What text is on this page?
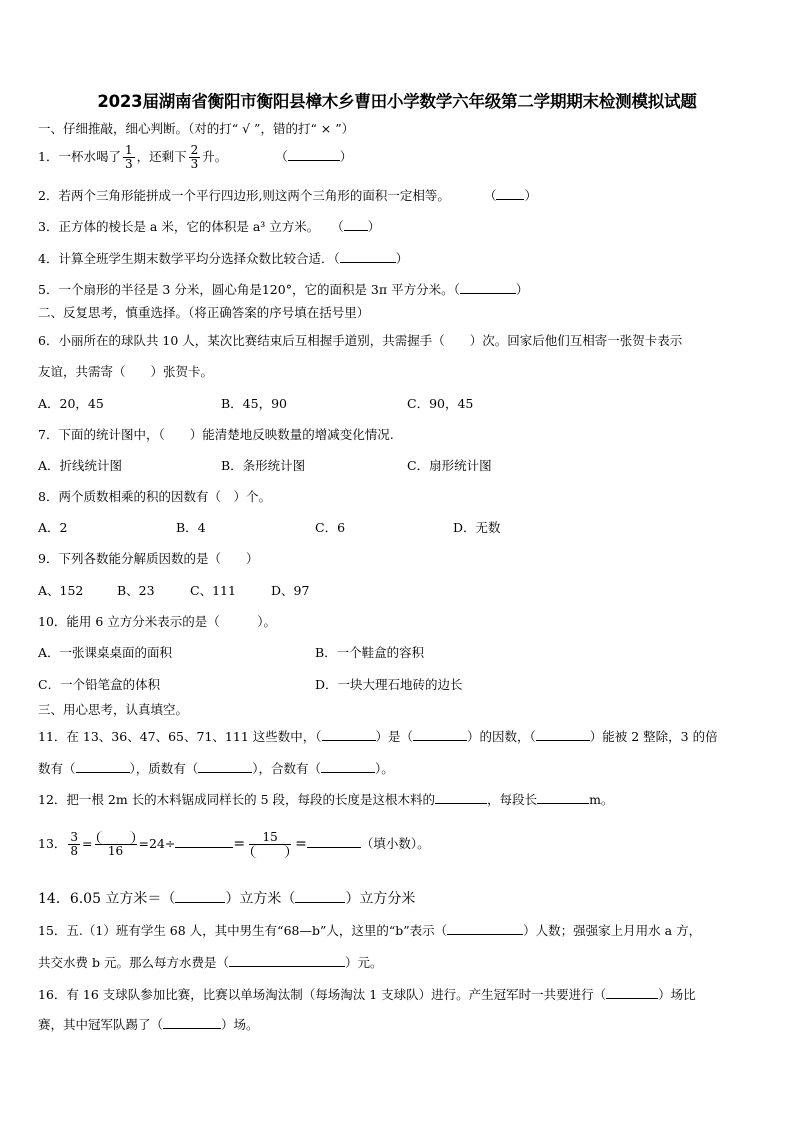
2023届湖南省衡阳市衡阳县樟木乡曹田小学数学六年级第二学期期末检测模拟试题
一、仔细推敲，细心判断。（对的打“ √ ”，错的打“ × ”）
1．一杯水喝了 $\frac{1}{3}$ ，还剩下 $\frac{2}{3}$ 升。	（	）
2．若两个三角形能拼成一个平行四边形,则这两个三角形的面积一定相等。	（ ）
3．正方体的棱长是 a 米，它的体积是 a³ 立方米。 （ ）
4．计算全班学生期末数学平均分选择众数比较合适．（	）
5．一个扇形的半径是 3 分米，圆心角是120°，它的面积是 3π 平方分米。（	）
二、反复思考，慎重选择。（将正确答案的序号填在括号里）
6．小丽所在的球队共 10 人，某次比赛结束后互相握手道别，共需握手（　　）次。回家后他们互相寄一张贺卡表示
友谊，共需寄（　　）张贺卡。
A．20，45	B．45，90	C．90，45
7．下面的统计图中，（　　）能清楚地反映数量的增减变化情况.
A．折线统计图	B．条形统计图	C．扇形统计图
8．两个质数相乘的积的因数有（　）个。
A．2	B．4	C．6	D．无数
9．下列各数能分解质因数的是（　　）
A、152	B、23	C、111	D、97
10．能用 6 立方分米表示的是（　　　）。
A．一张课桌桌面的面积	B．一个鞋盒的容积
C．一个铅笔盒的体积	D．一块大理石地砖的边长
三、用心思考，认真填空。
11．在 13、36、47、65、71、111 这些数中，（	）是（	）的因数，（	）能被 2 整除，3 的倍
数有（	），质数有（	），合数有（	）。
12．把一根 2m 长的木料锯成同样长的 5 段，每段的长度是这根木料的	，每段长	m。
13． $\frac{3}{8}$ =	16	=24÷	=	15	=	（填小数）。
14．6.05 立方米＝（	）立方米（	）立方分米
15．五.（1）班有学生 68 人，其中男生有“68—b”人，这里的“b”表示（	）人数；强强家上月用水 a 方，
共交水费 b 元。那么每方水费是（	）元。
16．有 16 支球队参加比赛，比赛以单场淘汰制（每场淘汰 1 支球队）进行。产生冠军时一共要进行（	）场比
赛，其中冠军队踢了（	）场。
